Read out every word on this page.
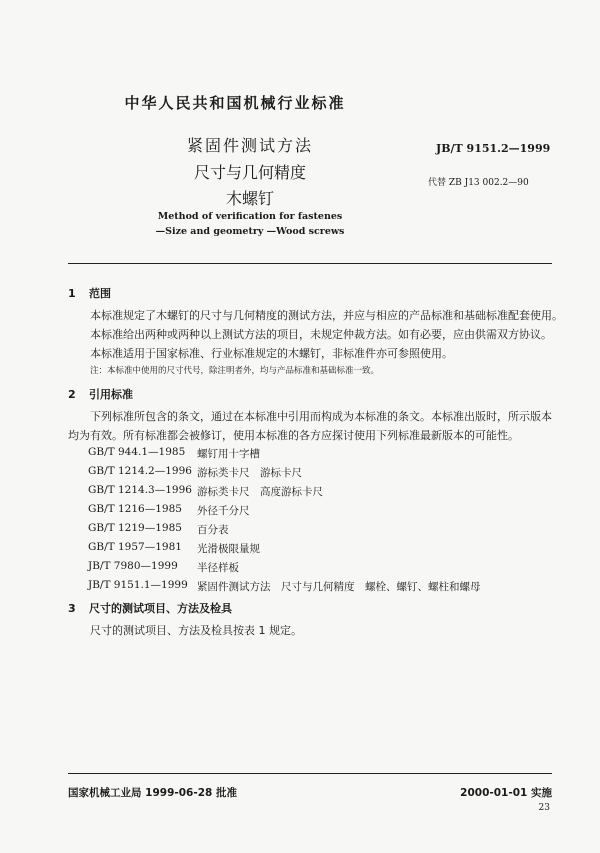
中华人民共和国机械行业标准
紧固件测试方法
尺寸与几何精度
木螺钉
JB/T 9151.2—1999
代替 ZB J13 002.2—90
Method of verification for fastenes
—Size and geometry —Wood screws
1 范围
本标准规定了木螺钉的尺寸与几何精度的测试方法，并应与相应的产品标准和基础标准配套使用。
本标准给出两种或两种以上测试方法的项目，未规定仲裁方法。如有必要，应由供需双方协议。
本标准适用于国家标准、行业标准规定的木螺钉，非标准件亦可参照使用。
注：本标准中使用的尺寸代号，除注明者外，均与产品标准和基础标准一致。
2 引用标准
下列标准所包含的条文，通过在本标准中引用而构成为本标准的条文。本标准出版时，所示版本
均为有效。所有标准都会被修订，使用本标准的各方应探讨使用下列标准最新版本的可能性。
GB/T 944.1—1985 螺钉用十字槽
GB/T 1214.2—1996 游标类卡尺　游标卡尺
GB/T 1214.3—1996 游标类卡尺　高度游标卡尺
GB/T 1216—1985 外径千分尺
GB/T 1219—1985 百分表
GB/T 1957—1981 光滑极限量规
JB/T 7980—1999 半径样板
JB/T 9151.1—1999 紧固件测试方法　尺寸与几何精度　螺栓、螺钉、螺柱和螺母
3 尺寸的测试项目、方法及检具
尺寸的测试项目、方法及检具按表 1 规定。
国家机械工业局 1999-06-28 批准	2000-01-01 实施
23
